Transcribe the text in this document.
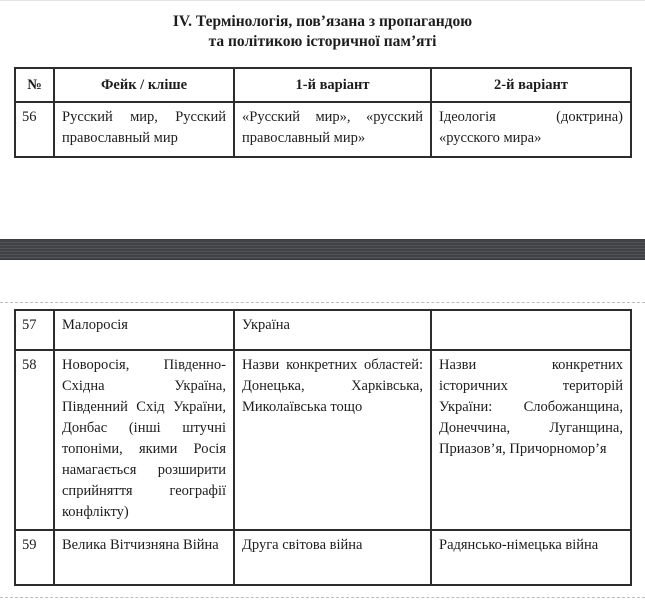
IV. Термінологія, пов’язана з пропагандою
та політикою історичної пам’яті
№	Фейк / кліше	1-й варіант	2-й варіант
56	Русский мир, Русский православный мир	«Русский мир», «русский православный мир»	Ідеологія (доктрина) «русского мира»
57	Малоросія	Україна	
58	Новоросія, Південно-Східна Україна, Південний Схід України, Донбас (інші штучні топоніми, якими Росія намагається розширити сприйняття географії конфлікту)	Назви конкретних областей: Донецька, Харківська, Миколаївська тощо	Назви конкретних історичних територій України: Слобожанщина, Донеччина, Луганщина, Приазов’я, Причорномор’я
59	Велика Вітчизняна Війна	Друга світова війна	Радянсько-німецька війна
